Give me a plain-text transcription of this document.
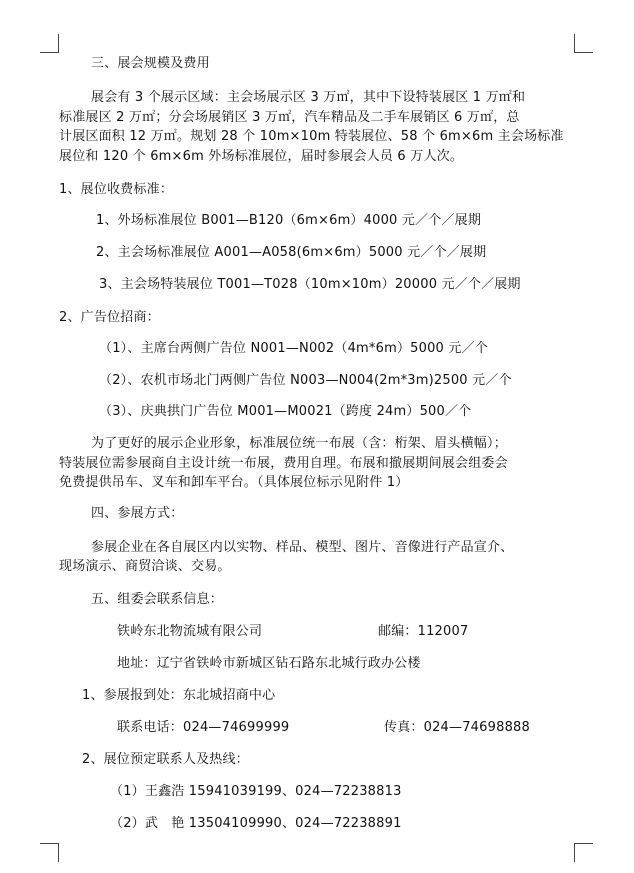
三、展会规模及费用
展会有 3 个展示区域：主会场展示区 3 万㎡，其中下设特装展区 1 万㎡和
标准展区 2 万㎡；分会场展销区 3 万㎡，汽车精品及二手车展销区 6 万㎡，总
计展区面积 12 万㎡。规划 28 个 10m×10m 特装展位、58 个 6m×6m 主会场标准
展位和 120 个 6m×6m 外场标准展位，届时参展会人员 6 万人次。
1、展位收费标准：
1、外场标准展位 B001—B120（6m×6m）4000 元／个／展期
2、主会场标准展位 A001—A058(6m×6m）5000 元／个／展期
3、主会场特装展位 T001—T028（10m×10m）20000 元／个／展期
2、广告位招商：
（1）、主席台两侧广告位 N001—N002（4m*6m）5000 元／个
（2）、农机市场北门两侧广告位 N003—N004(2m*3m)2500 元／个
（3）、庆典拱门广告位 M001—M0021（跨度 24m）500／个
为了更好的展示企业形象，标准展位统一布展（含：桁架、眉头横幅）；
特装展位需参展商自主设计统一布展，费用自理。布展和撤展期间展会组委会
免费提供吊车、叉车和卸车平台。（具体展位标示见附件 1）
四、参展方式：
参展企业在各自展区内以实物、样品、模型、图片、音像进行产品宣介、
现场演示、商贸洽谈、交易。
五、组委会联系信息：
铁岭东北物流城有限公司	邮编：112007
地址：辽宁省铁岭市新城区钻石路东北城行政办公楼
1、参展报到处：东北城招商中心
联系电话：024—74699999	传真：024—74698888
2、展位预定联系人及热线：
（1）王鑫浩 15941039199、024—72238813
（2）武　艳 13504109990、024—72238891
